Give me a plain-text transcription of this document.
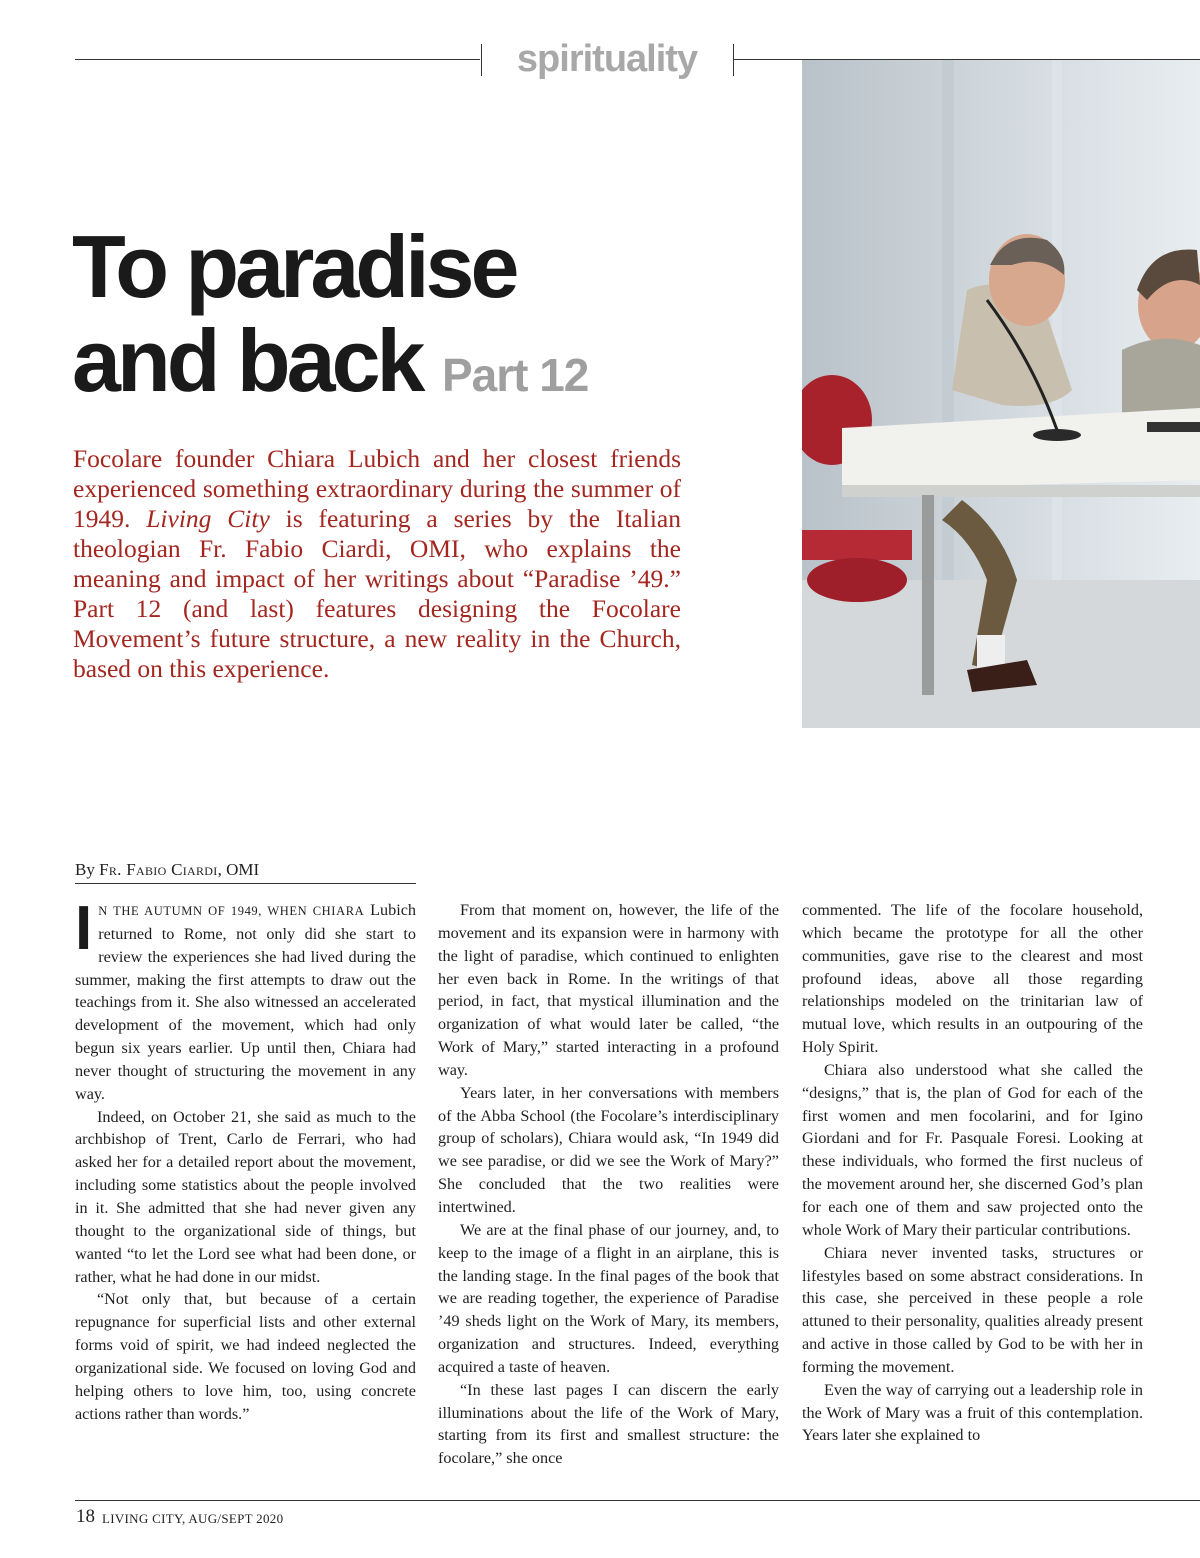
spirituality
To paradise
and back Part 12
Focolare founder Chiara Lubich and her closest friends experienced something extraordinary during the summer of 1949. Living City is featuring a series by the Italian theologian Fr. Fabio Ciardi, OMI, who explains the meaning and impact of her writings about “Paradise ’49.” Part 12 (and last) features designing the Focolare Movement’s future structure, a new reality in the Church, based on this experience.
By Fr. Fabio Ciardi, OMI

IN THE AUTUMN OF 1949, WHEN CHIARA Lubich returned to Rome, not only did she start to review the experiences she had lived during the summer, making the first attempts to draw out the teachings from it. She also witnessed an accelerated development of the movement, which had only begun six years earlier. Up until then, Chiara had never thought of structuring the movement in any way.

Indeed, on October 21, she said as much to the archbishop of Trent, Carlo de Ferrari, who had asked her for a detailed report about the movement, including some statistics about the people involved in it. She admitted that she had never given any thought to the organizational side of things, but wanted “to let the Lord see what had been done, or rather, what he had done in our midst.

“Not only that, but because of a certain repugnance for superficial lists and other external forms void of spirit, we had indeed neglected the organizational side. We focused on loving God and helping others to love him, too, using concrete actions rather than words.”

From that moment on, however, the life of the movement and its expansion were in harmony with the light of paradise, which continued to enlighten her even back in Rome. In the writings of that period, in fact, that mystical illumination and the organization of what would later be called, “the Work of Mary,” started interacting in a profound way.

Years later, in her conversations with members of the Abba School (the Focolare’s interdisciplinary group of scholars), Chiara would ask, “In 1949 did we see paradise, or did we see the Work of Mary?” She concluded that the two realities were intertwined.

We are at the final phase of our journey, and, to keep to the image of a flight in an airplane, this is the landing stage. In the final pages of the book that we are reading together, the experience of Paradise ’49 sheds light on the Work of Mary, its members, organization and structures. Indeed, everything acquired a taste of heaven.

“In these last pages I can discern the early illuminations about the life of the Work of Mary, starting from its first and smallest structure: the focolare,” she once

commented. The life of the focolare household, which became the prototype for all the other communities, gave rise to the clearest and most profound ideas, above all those regarding relationships modeled on the trinitarian law of mutual love, which results in an outpouring of the Holy Spirit.

Chiara also understood what she called the “designs,” that is, the plan of God for each of the first women and men focolarini, and for Igino Giordani and for Fr. Pasquale Foresi. Looking at these individuals, who formed the first nucleus of the movement around her, she discerned God’s plan for each one of them and saw projected onto the whole Work of Mary their particular contributions.

Chiara never invented tasks, structures or lifestyles based on some abstract considerations. In this case, she perceived in these people a role attuned to their personality, qualities already present and active in those called by God to be with her in forming the movement.

Even the way of carrying out a leadership role in the Work of Mary was a fruit of this contemplation. Years later she explained to

18 LIVING CITY, AUG/SEPT 2020
